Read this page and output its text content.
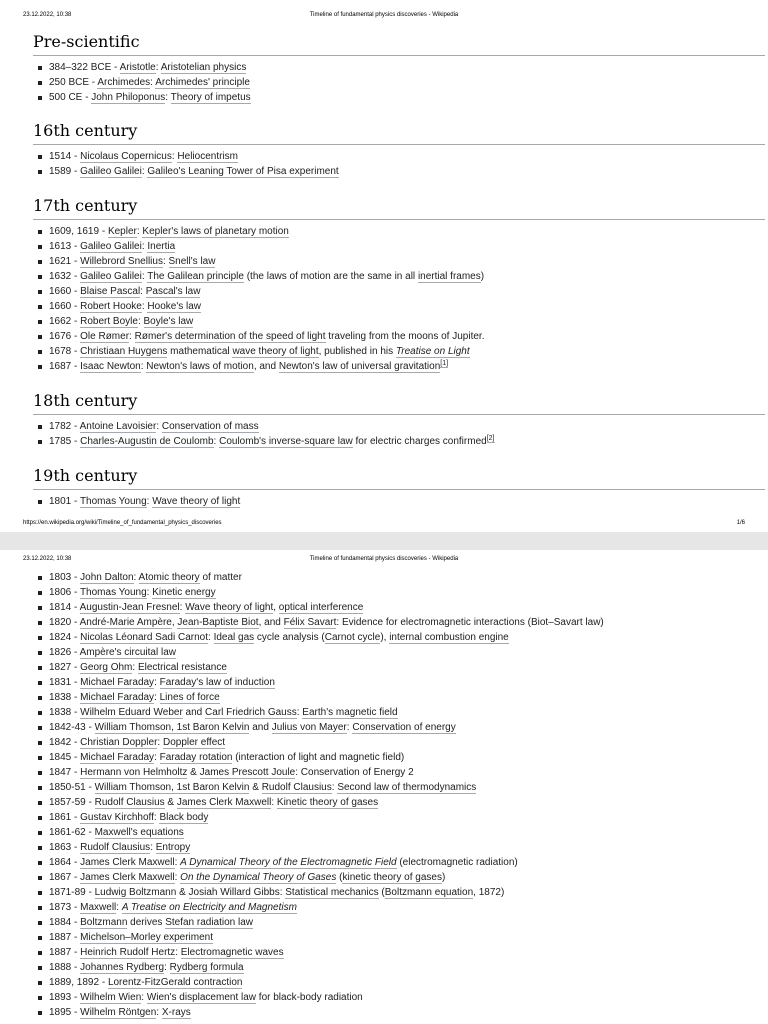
23.12.2022, 10:38	Timeline of fundamental physics discoveries - Wikipedia
Pre-scientific
384–322 BCE - Aristotle: Aristotelian physics
250 BCE - Archimedes: Archimedes' principle
500 CE - John Philoponus: Theory of impetus
16th century
1514 - Nicolaus Copernicus: Heliocentrism
1589 - Galileo Galilei: Galileo's Leaning Tower of Pisa experiment
17th century
1609, 1619 - Kepler: Kepler's laws of planetary motion
1613 - Galileo Galilei: Inertia
1621 - Willebrord Snellius: Snell's law
1632 - Galileo Galilei: The Galilean principle (the laws of motion are the same in all inertial frames)
1660 - Blaise Pascal: Pascal's law
1660 - Robert Hooke: Hooke's law
1662 - Robert Boyle: Boyle's law
1676 - Ole Rømer: Rømer's determination of the speed of light traveling from the moons of Jupiter.
1678 - Christiaan Huygens mathematical wave theory of light, published in his Treatise on Light
1687 - Isaac Newton: Newton's laws of motion, and Newton's law of universal gravitation[1]
18th century
1782 - Antoine Lavoisier: Conservation of mass
1785 - Charles-Augustin de Coulomb: Coulomb's inverse-square law for electric charges confirmed[2]
19th century
1801 - Thomas Young: Wave theory of light
https://en.wikipedia.org/wiki/Timeline_of_fundamental_physics_discoveries	1/6
23.12.2022, 10:38	Timeline of fundamental physics discoveries - Wikipedia
1803 - John Dalton: Atomic theory of matter
1806 - Thomas Young: Kinetic energy
1814 - Augustin-Jean Fresnel: Wave theory of light, optical interference
1820 - André-Marie Ampère, Jean-Baptiste Biot, and Félix Savart: Evidence for electromagnetic interactions (Biot–Savart law)
1824 - Nicolas Léonard Sadi Carnot: Ideal gas cycle analysis (Carnot cycle), internal combustion engine
1826 - Ampère's circuital law
1827 - Georg Ohm: Electrical resistance
1831 - Michael Faraday: Faraday's law of induction
1838 - Michael Faraday: Lines of force
1838 - Wilhelm Eduard Weber and Carl Friedrich Gauss: Earth's magnetic field
1842-43 - William Thomson, 1st Baron Kelvin and Julius von Mayer: Conservation of energy
1842 - Christian Doppler: Doppler effect
1845 - Michael Faraday: Faraday rotation (interaction of light and magnetic field)
1847 - Hermann von Helmholtz & James Prescott Joule: Conservation of Energy 2
1850-51 - William Thomson, 1st Baron Kelvin & Rudolf Clausius: Second law of thermodynamics
1857-59 - Rudolf Clausius & James Clerk Maxwell: Kinetic theory of gases
1861 - Gustav Kirchhoff: Black body
1861-62 - Maxwell's equations
1863 - Rudolf Clausius: Entropy
1864 - James Clerk Maxwell: A Dynamical Theory of the Electromagnetic Field (electromagnetic radiation)
1867 - James Clerk Maxwell: On the Dynamical Theory of Gases (kinetic theory of gases)
1871-89 - Ludwig Boltzmann & Josiah Willard Gibbs: Statistical mechanics (Boltzmann equation, 1872)
1873 - Maxwell: A Treatise on Electricity and Magnetism
1884 - Boltzmann derives Stefan radiation law
1887 - Michelson–Morley experiment
1887 - Heinrich Rudolf Hertz: Electromagnetic waves
1888 - Johannes Rydberg: Rydberg formula
1889, 1892 - Lorentz-FitzGerald contraction
1893 - Wilhelm Wien: Wien's displacement law for black-body radiation
1895 - Wilhelm Röntgen: X-rays
